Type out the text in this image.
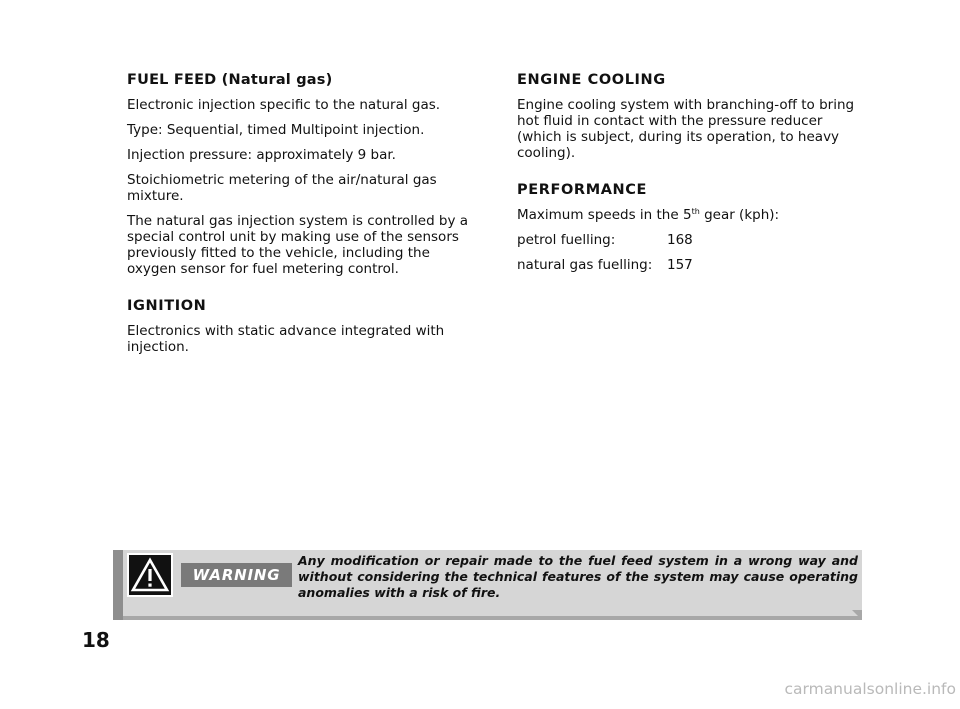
FUEL FEED (Natural gas)
Electronic injection specific to the natural gas.
Type: Sequential, timed Multipoint injection.
Injection pressure: approximately 9 bar.
Stoichiometric metering of the air/natural gas mixture.
The natural gas injection system is controlled by a special control unit by making use of the sensors previously fitted to the vehicle, including the oxygen sensor for fuel metering control.
IGNITION
Electronics with static advance integrated with injection.
ENGINE COOLING
Engine cooling system with branching-off to bring hot fluid in contact with the pressure reducer (which is subject, during its operation, to heavy cooling).
PERFORMANCE
Maximum speeds in the 5th gear (kph):
petrol fuelling:	168
natural gas fuelling:	157
WARNING
Any modification or repair made to the fuel feed system in a wrong way and without considering the technical features of the system may cause operating anomalies with a risk of fire.
18
carmanualsonline.info
